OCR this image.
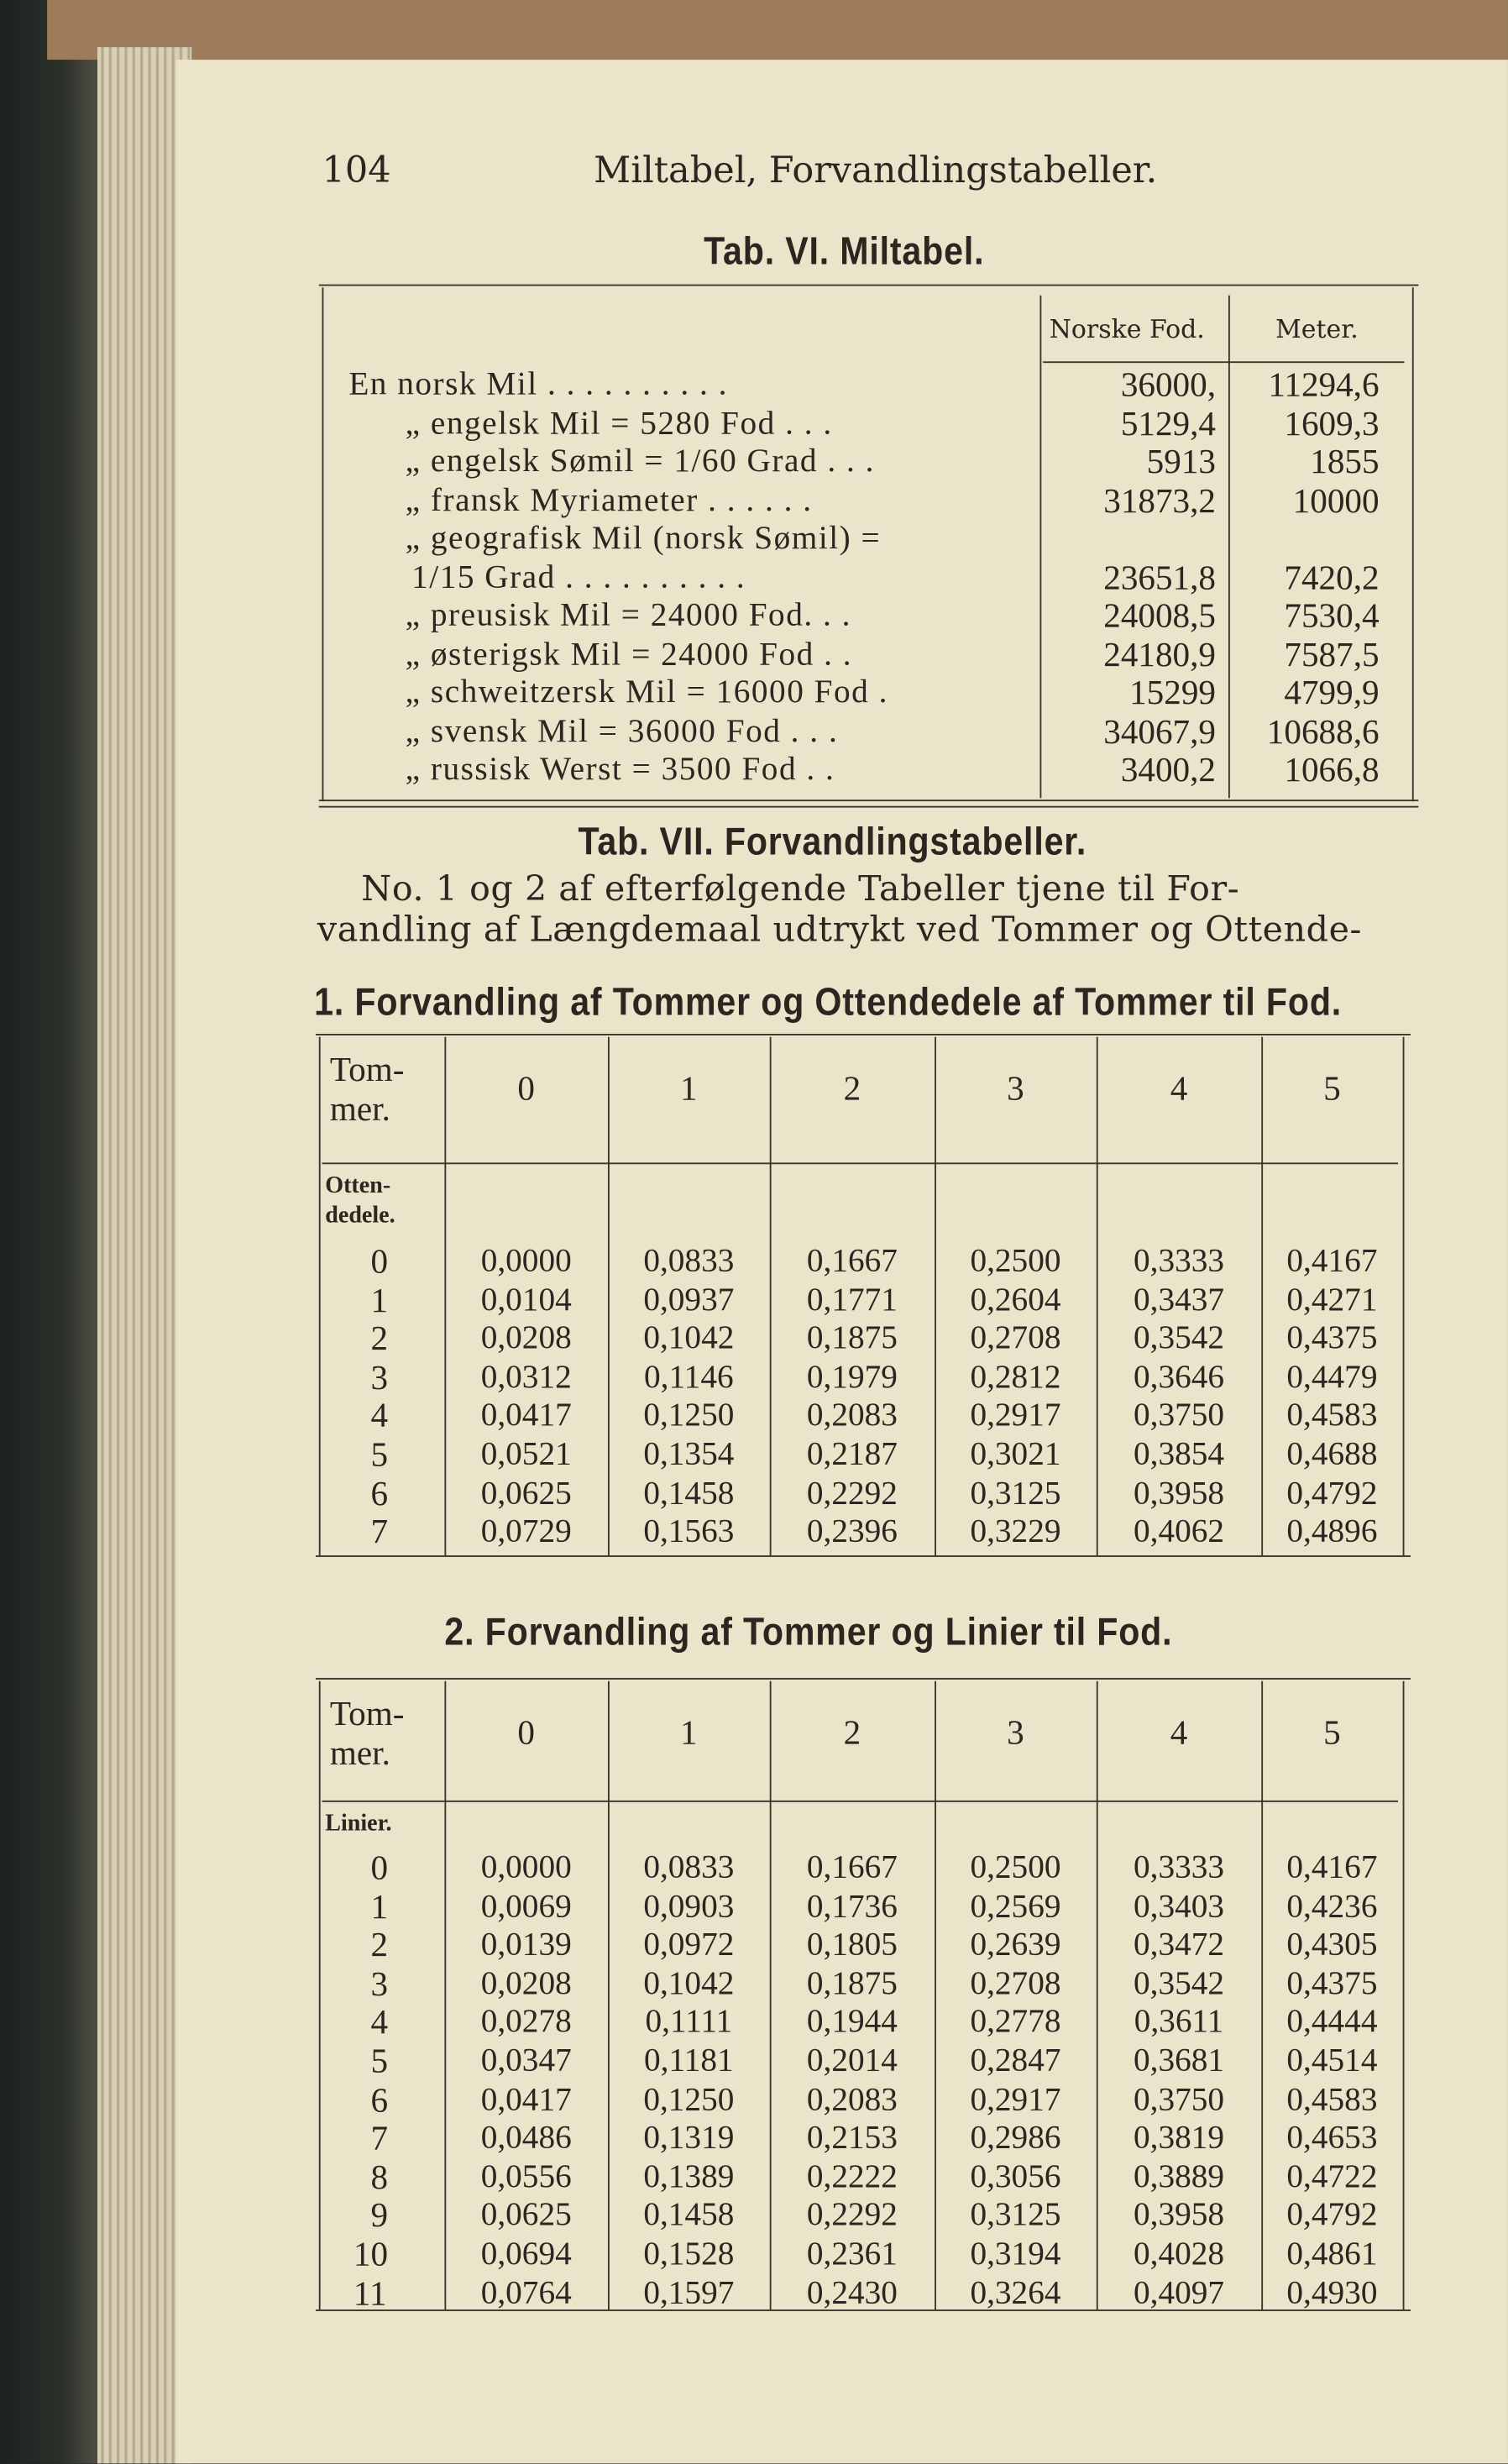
104	Miltabel, Forvandlingstabeller.
Tab. VI. Miltabel.
Norske Fod.	Meter.
En norsk Mil . . . . . . . . . .	36000,	11294,6
„ engelsk Mil = 5280 Fod . . .	5129,4	1609,3
„ engelsk Sømil = 1/60 Grad . . .	5913	1855
„ fransk Myriameter . . . . . .	31873,2	10000
„ geografisk Mil (norsk Sømil) =
1/15 Grad . . . . . . . . . .	23651,8	7420,2
„ preusisk Mil = 24000 Fod. . .	24008,5	7530,4
„ østerigsk Mil = 24000 Fod . .	24180,9	7587,5
„ schweitzersk Mil = 16000 Fod .	15299	4799,9
„ svensk Mil = 36000 Fod . . .	34067,9	10688,6
„ russisk Werst = 3500 Fod . .	3400,2	1066,8
Tab. VII. Forvandlingstabeller.
No. 1 og 2 af efterfølgende Tabeller tjene til For-
vandling af Længdemaal udtrykt ved Tommer og Ottende-
1. Forvandling af Tommer og Ottendedele af Tommer til Fod.
Tom-
mer.
Otten-
dedele.
0	1	2	3	4	5
0	0,0000	0,0833	0,1667	0,2500	0,3333	0,4167
1	0,0104	0,0937	0,1771	0,2604	0,3437	0,4271
2	0,0208	0,1042	0,1875	0,2708	0,3542	0,4375
3	0,0312	0,1146	0,1979	0,2812	0,3646	0,4479
4	0,0417	0,1250	0,2083	0,2917	0,3750	0,4583
5	0,0521	0,1354	0,2187	0,3021	0,3854	0,4688
6	0,0625	0,1458	0,2292	0,3125	0,3958	0,4792
7	0,0729	0,1563	0,2396	0,3229	0,4062	0,4896
2. Forvandling af Tommer og Linier til Fod.
Tom-
mer.
Linier.
0	1	2	3	4	5
0	0,0000	0,0833	0,1667	0,2500	0,3333	0,4167
1	0,0069	0,0903	0,1736	0,2569	0,3403	0,4236
2	0,0139	0,0972	0,1805	0,2639	0,3472	0,4305
3	0,0208	0,1042	0,1875	0,2708	0,3542	0,4375
4	0,0278	0,1111	0,1944	0,2778	0,3611	0,4444
5	0,0347	0,1181	0,2014	0,2847	0,3681	0,4514
6	0,0417	0,1250	0,2083	0,2917	0,3750	0,4583
7	0,0486	0,1319	0,2153	0,2986	0,3819	0,4653
8	0,0556	0,1389	0,2222	0,3056	0,3889	0,4722
9	0,0625	0,1458	0,2292	0,3125	0,3958	0,4792
10	0,0694	0,1528	0,2361	0,3194	0,4028	0,4861
11	0,0764	0,1597	0,2430	0,3264	0,4097	0,4930
